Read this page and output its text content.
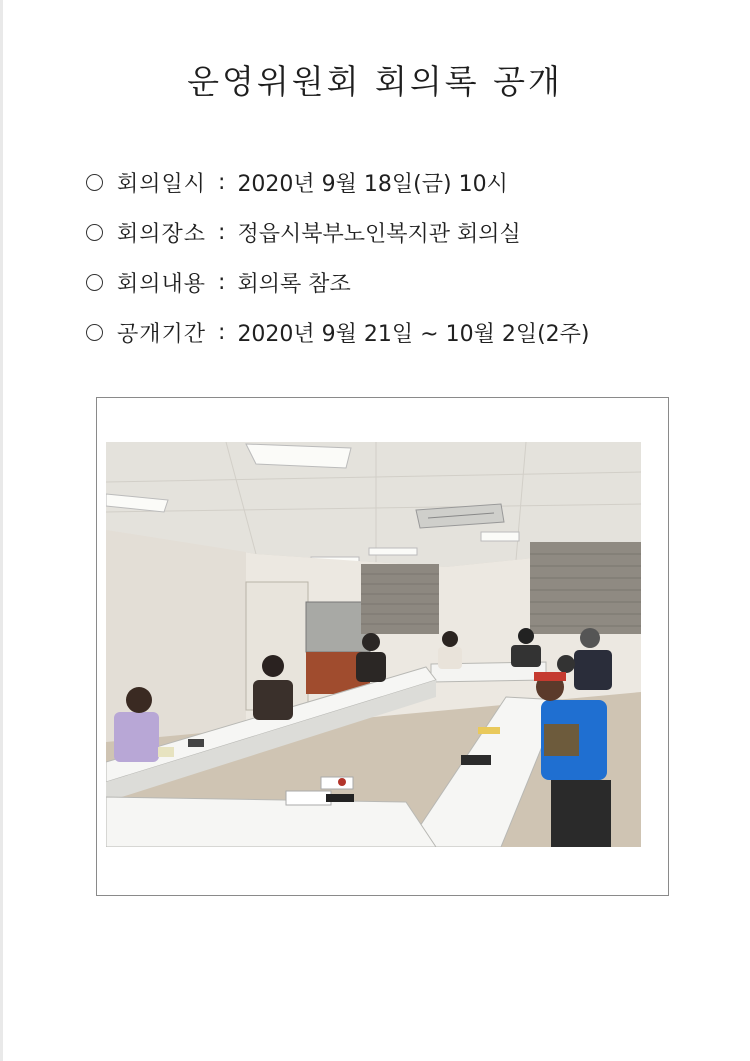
운영위원회 회의록 공개
회의일시 : 2020년 9월 18일(금) 10시
회의장소 : 정읍시북부노인복지관 회의실
회의내용 : 회의록 참조
공개기간 : 2020년 9월 21일 ~ 10월 2일(2주)
